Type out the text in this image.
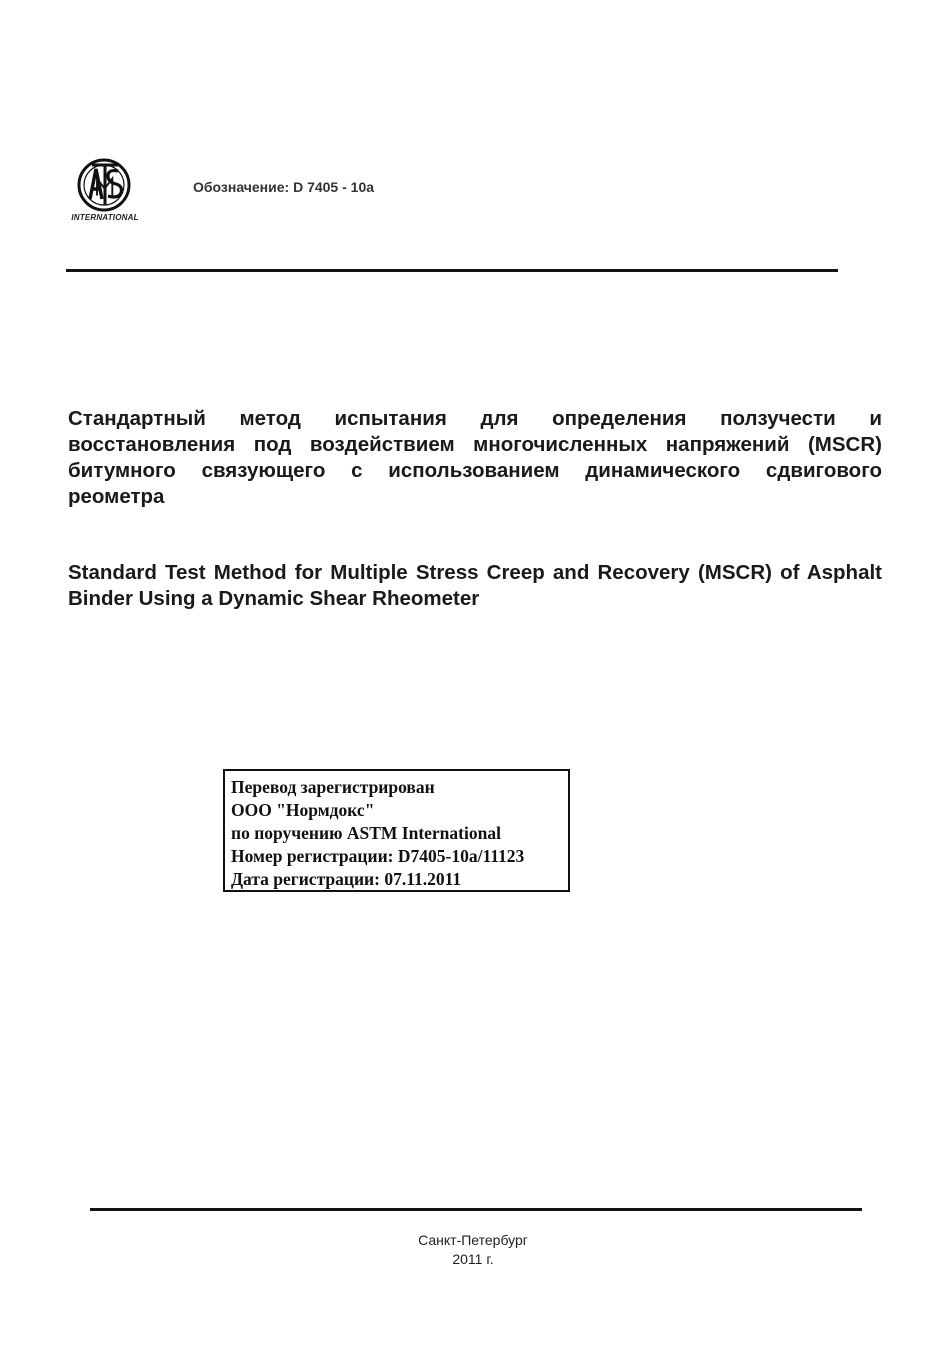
INTERNATIONAL
Обозначение: D 7405 - 10a
Стандартный метод испытания для определения ползучести и восстановления под воздействием многочисленных напряжений (MSCR) битумного связующего с использованием динамического сдвигового реометра
Standard Test Method for Multiple Stress Creep and Recovery (MSCR) of Asphalt Binder Using a Dynamic Shear Rheometer
Перевод зарегистрирован
ООО "Нормдокс"
по поручению ASTM International
Номер регистрации: D7405-10a/11123
Дата регистрации: 07.11.2011
Санкт-Петербург
2011 г.
